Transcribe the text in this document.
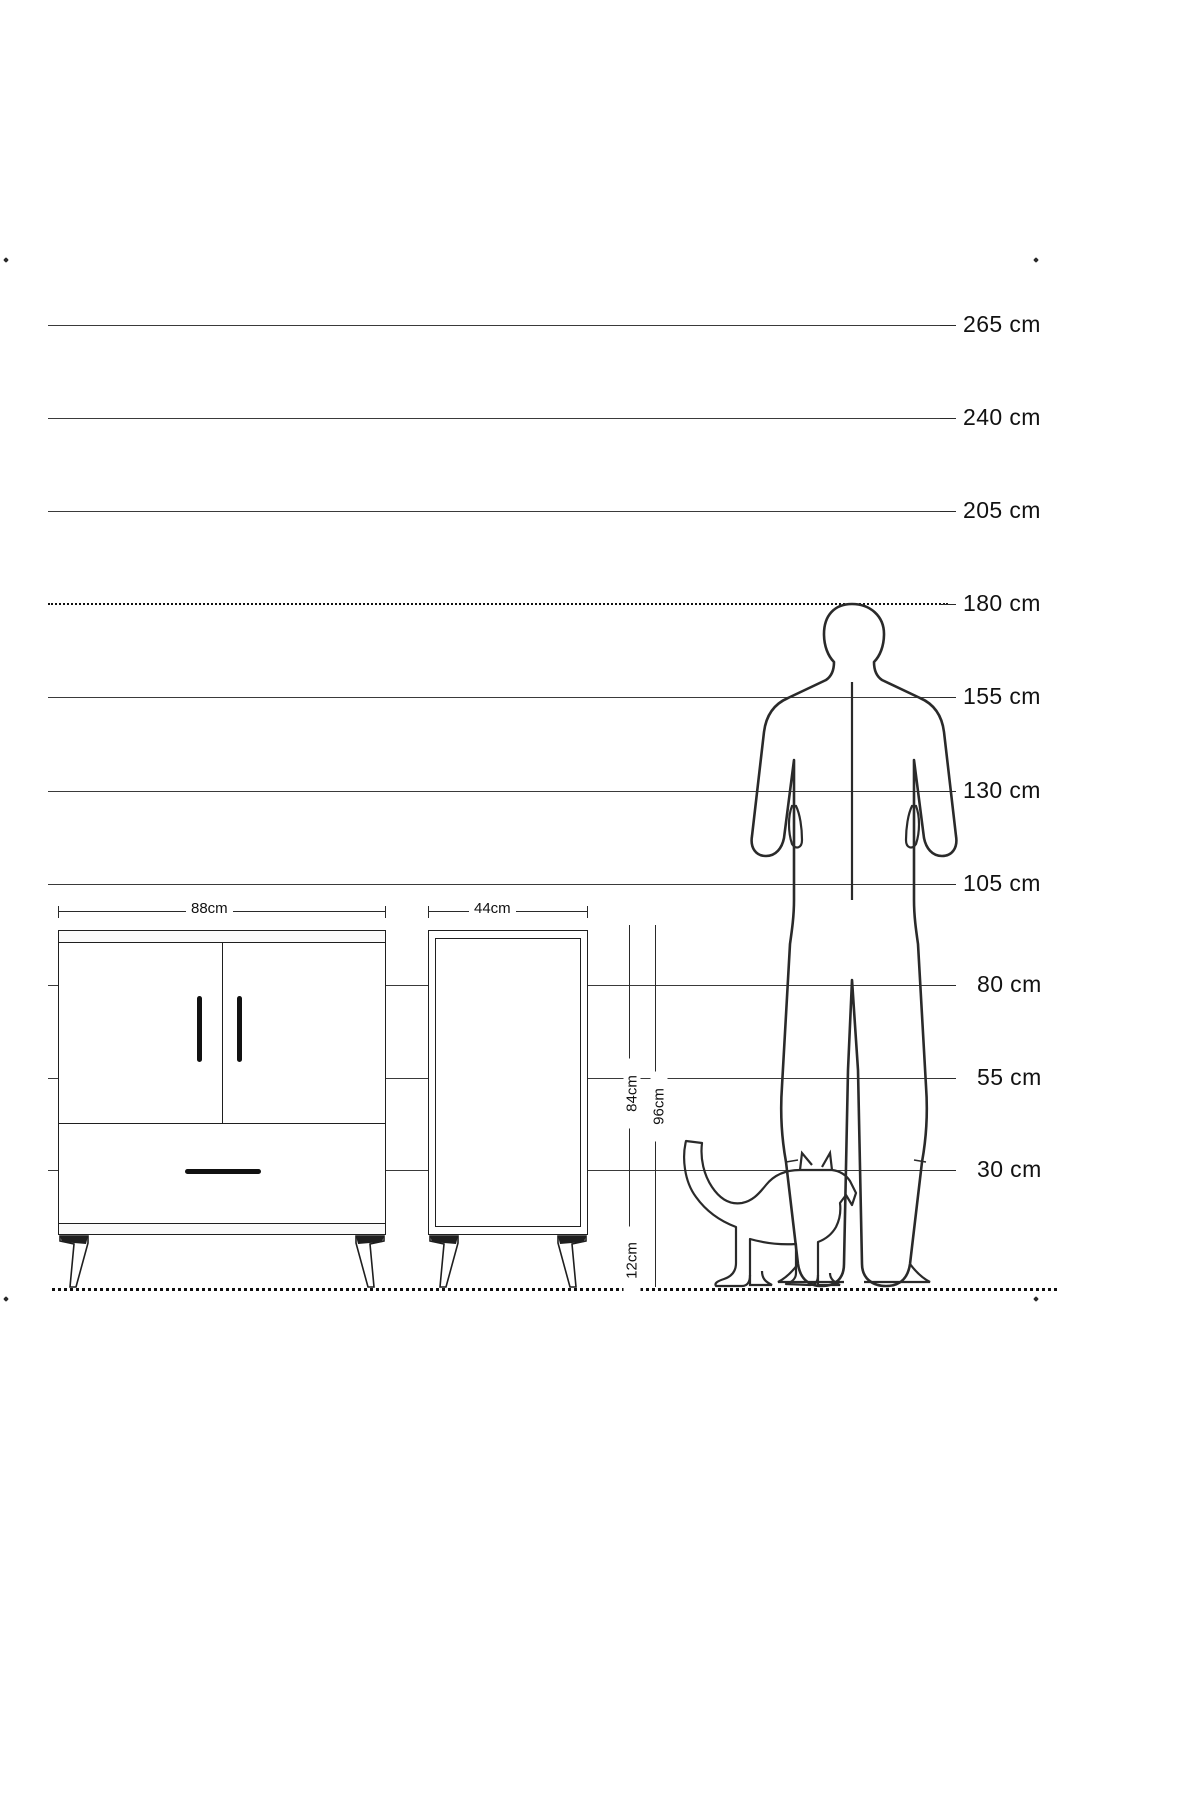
265 cm
240 cm
205 cm
180 cm
155 cm
130 cm
105 cm
80 cm
55 cm
30 cm
88cm	44cm
84cm 96cm
12cm
